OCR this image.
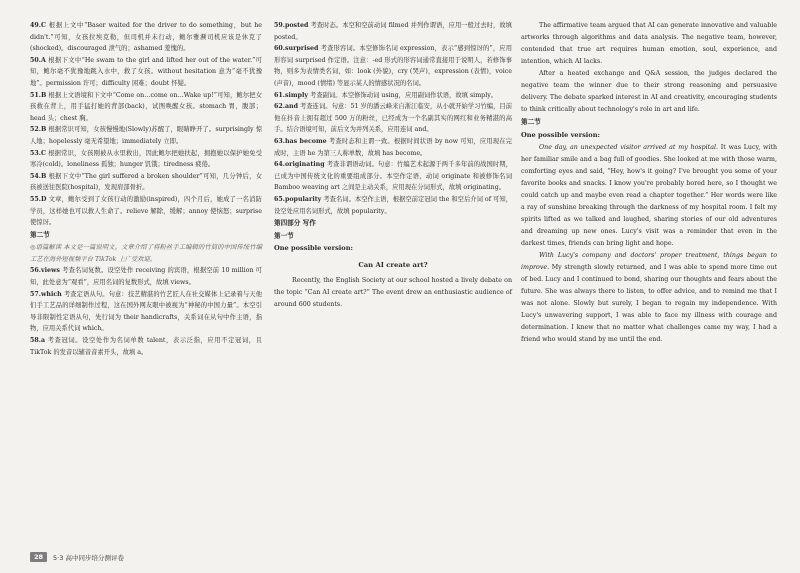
49.C 根据上文中“Baser waited for the driver to do something，but he didn't.”可知，女孩拉埃克勒，但司机并未行动，鲍尔雅濒司机应该是休克了(shocked)。discouraged 泄气的；ashamed 羞愧的。

50.A 根据下文中“He swam to the girl and lifted her out of the water.”可知，鲍尔毫不犹豫地跳入水中，救了女孩。without hesitation 意为“毫不犹豫地”。permission 许可；difficulty 困难；doubt 怀疑。

51.B 根据上文语境和下文中“Come on…come on…Wake up!”可知，鲍尔把女孩救在背上，用手猛打她的背部(back)，试图唤醒女孩。stomach 胃，腹部；head 头；chest 胸。

52.B 根据常识可知，女孩慢慢地(Slowly)苏醒了，眼睛睁开了。surprisingly 惊人地；hopelessly 毫无希望地；immediately 立即。

53.C 根据常识，女孩刚被从水里救出，因此鲍尔把她扶起，拥抱她以保护她免受寒冷(cold)。loneliness 孤独；hunger 饥饿；tiredness 疲倦。

54.B 根据下文中“The girl suffered a broken shoulder”可知，几分钟后，女孩被送往医院(hospital)，发现肩部骨折。

55.D 文章，鲍尔受到了女孩行动的激励(inspired)，四个月后，她成了一名消防学员，这样她也可以救人生命了。relieve 解除，缓解；annoy 使恼怒；surprise 使惊讶。

第二节

◎语篇解读 本文是一篇说明文。文章介绍了将粉丝手工编辑的竹简的中国传统竹编工艺在海外短视频平台 TikTok 上广受欢迎。

56.views 考查名词复数。设空处作 receiving 的宾语，根据空前 10 million 可知，此处意为“观看”，应用名词的复数形式，故填 views。

57.which 考查定语从句。句意：技艺精湛的竹艺匠人在社交媒体上记录着与天他们手工艺品的详细制作过程，这在国外网友眼中被视为“神秘的中国力量”。本空引导非限制性定语从句，先行词为 their handicrafts，关系词在从句中作主语，指物，应用关系代词 which。

58.a 考查冠词。设空处作为名词单数 talent，表示泛指，应用不定冠词，且 TikTok 的发音以辅音音素开头，故填 a。

59.posted 考查时态。本空和空前动词 filmed 并列作谓语，应用一般过去时，故填 posted。

60.surprised 考查形容词。本空修饰名词 expression，表示“感到惊讶的”，应用形容词 surprised 作定语。注意：-ed 形式的形容词通常直接用于说明人，若修饰事物，则多为表情类名词，如：look (外貌)，cry (哭声)，expression (表情)，voice (声音)，mood (情绪) 等显示某人的情感状况的名词。

61.simply 考查副词。本空修饰动词 using，应用副词作状语，故填 simply。

62.and 考查连词。句意：51 岁的潘云峰来自浙江临安，从小就开始学习竹编，目前他在抖音上拥有超过 500 万的粉丝，已经成为一个名副其实的网红和业务精湛的高手。结合语境可知，前后文为并列关系，应用连词 and。

63.has become 考查时态和主谓一致。根据时间状语 by now 可知，应用现在完成时，主语 he 为第三人称单数，故填 has become。

64.originating 考查非谓语动词。句意：竹编艺术起源于两千多年前的战国时期，已成为中国传统文化的重要组成部分。本空作定语，动词 originate 和被修饰名词 Bamboo weaving art 之间是主动关系，应用现在分词形式，故填 originating。

65.popularity 考查名词。本空作主语，根据空前定冠词 the 和空后介词 of 可知，设空处应用名词形式，故填 popularity。

第四部分 写作
第一节
One possible version:
Can AI create art?

Recently, the English Society at our school hosted a lively debate on the topic “Can AI create art?” The event drew an enthusiastic audience of around 600 students.

The affirmative team argued that AI can generate innovative and valuable artworks through algorithms and data analysis. The negative team, however, contended that true art requires human emotion, soul, experience, and intention, which AI lacks.

After a heated exchange and Q&A session, the judges declared the negative team the winner due to their strong reasoning and persuasive delivery. The debate sparked interest in AI and creativity, encouraging students to think critically about technology's role in art and life.

第二节
One possible version:

One day, an unexpected visitor arrived at my hospital. It was Lucy, with her familiar smile and a bag full of goodies. She looked at me with those warm, comforting eyes and said, “Hey, how's it going? I've brought you some of your favorite books and snacks. I know you're probably bored here, so I thought we could catch up and maybe even read a chapter together.” Her words were like a ray of sunshine breaking through the darkness of my hospital room. I felt my spirits lifted as we talked and laughed, sharing stories of our old adventures and dreaming up new ones. Lucy's visit was a reminder that even in the darkest times, friends can bring light and hope.

With Lucy's company and doctors' proper treatment, things began to improve. My strength slowly returned, and I was able to spend more time out of bed. Lucy and I continued to bond, sharing our thoughts and fears about the future. She was always there to listen, to offer advice, and to remind me that I was not alone. Slowly but surely, I began to regain my independence. With Lucy's unwavering support, I was able to face my illness with courage and determination. I knew that no matter what challenges came my way, I had a friend who would stand by me until the end.

28	5·3 高中同步培分测评卷
